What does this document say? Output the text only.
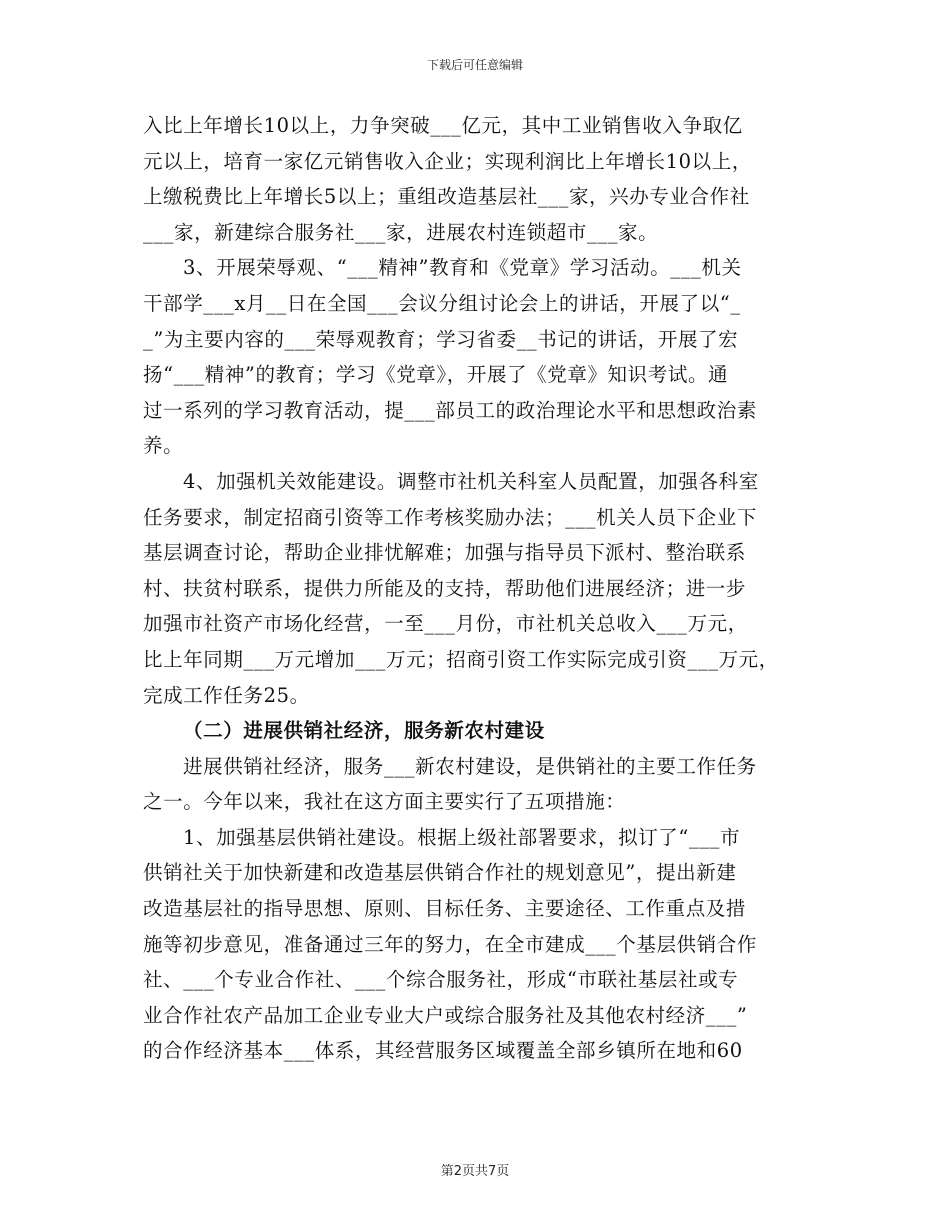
下载后可任意编辑
入比上年增长10以上，力争突破___亿元，其中工业销售收入争取亿
元以上，培育一家亿元销售收入企业；实现利润比上年增长10以上，
上缴税费比上年增长5以上；重组改造基层社___家，兴办专业合作社
___家，新建综合服务社___家，进展农村连锁超市___家。
3、开展荣辱观、“___精神”教育和《党章》学习活动。___机关
干部学___x月__日在全国___会议分组讨论会上的讲话，开展了以“_
_”为主要内容的___荣辱观教育；学习省委__书记的讲话，开展了宏
扬“___精神”的教育；学习《党章》，开展了《党章》知识考试。通
过一系列的学习教育活动，提___部员工的政治理论水平和思想政治素
养。
4、加强机关效能建设。调整市社机关科室人员配置，加强各科室
任务要求，制定招商引资等工作考核奖励办法；___机关人员下企业下
基层调查讨论，帮助企业排忧解难；加强与指导员下派村、整治联系
村、扶贫村联系，提供力所能及的支持，帮助他们进展经济；进一步
加强市社资产市场化经营，一至___月份，市社机关总收入___万元，
比上年同期___万元增加___万元；招商引资工作实际完成引资___万元，
完成工作任务25。
（二）进展供销社经济，服务新农村建设
进展供销社经济，服务___新农村建设，是供销社的主要工作任务
之一。今年以来，我社在这方面主要实行了五项措施：
1、加强基层供销社建设。根据上级社部署要求，拟订了“___市
供销社关于加快新建和改造基层供销合作社的规划意见”，提出新建
改造基层社的指导思想、原则、目标任务、主要途径、工作重点及措
施等初步意见，准备通过三年的努力，在全市建成___个基层供销合作
社、___个专业合作社、___个综合服务社，形成“市联社基层社或专
业合作社农产品加工企业专业大户或综合服务社及其他农村经济___”
的合作经济基本___体系，其经营服务区域覆盖全部乡镇所在地和60
第2页共7页
